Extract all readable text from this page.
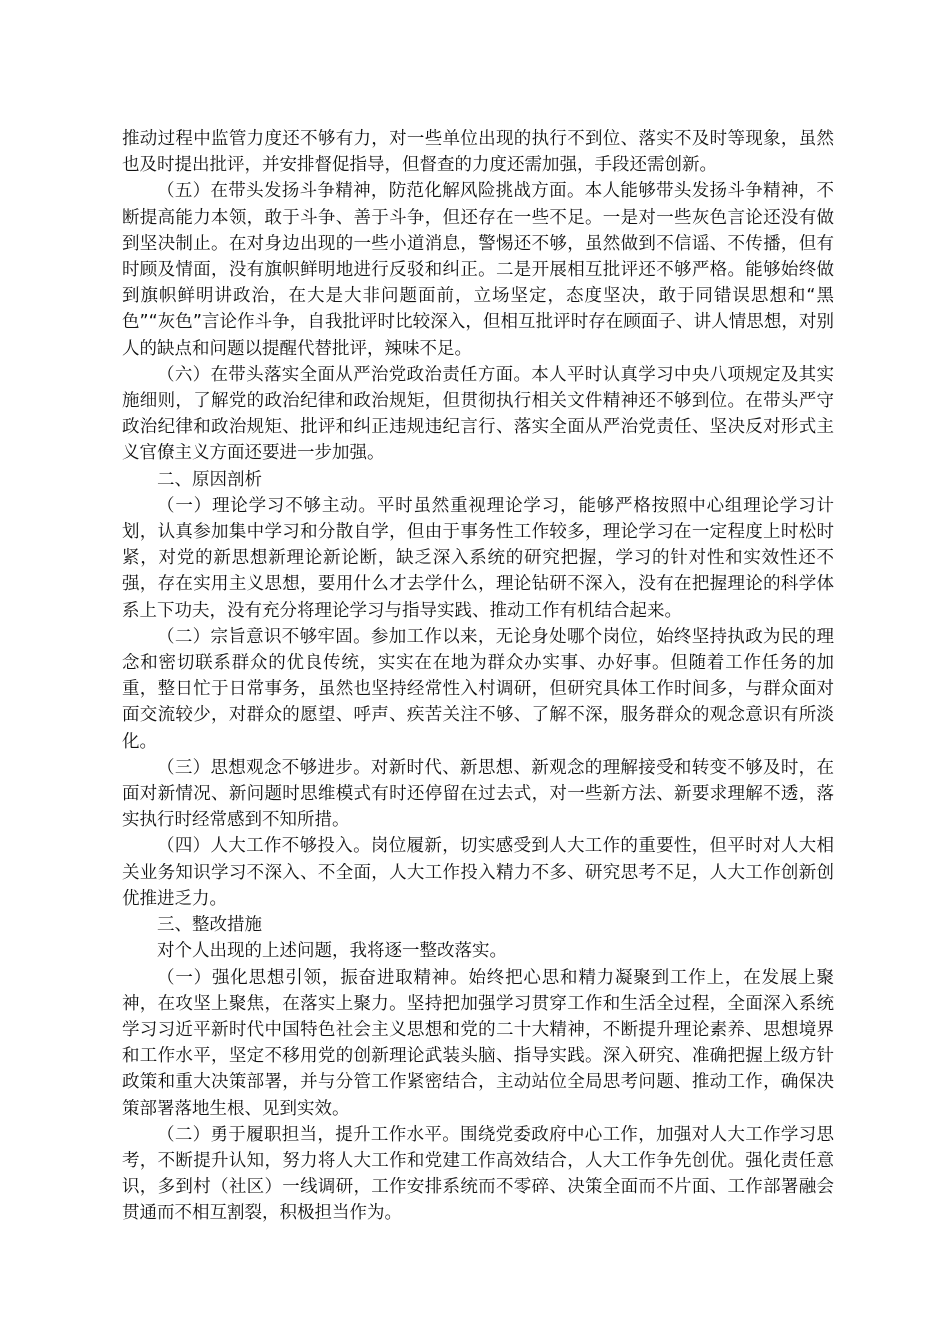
推动过程中监管力度还不够有力，对一些单位出现的执行不到位、落实不及时等现象，虽然也及时提出批评，并安排督促指导，但督查的力度还需加强，手段还需创新。

（五）在带头发扬斗争精神，防范化解风险挑战方面。本人能够带头发扬斗争精神，不断提高能力本领，敢于斗争、善于斗争，但还存在一些不足。一是对一些灰色言论还没有做到坚决制止。在对身边出现的一些小道消息，警惕还不够，虽然做到不信谣、不传播，但有时顾及情面，没有旗帜鲜明地进行反驳和纠正。二是开展相互批评还不够严格。能够始终做到旗帜鲜明讲政治，在大是大非问题面前，立场坚定，态度坚决，敢于同错误思想和“黑色”“灰色”言论作斗争，自我批评时比较深入，但相互批评时存在顾面子、讲人情思想，对别人的缺点和问题以提醒代替批评，辣味不足。

（六）在带头落实全面从严治党政治责任方面。本人平时认真学习中央八项规定及其实施细则，了解党的政治纪律和政治规矩，但贯彻执行相关文件精神还不够到位。在带头严守政治纪律和政治规矩、批评和纠正违规违纪言行、落实全面从严治党责任、坚决反对形式主义官僚主义方面还要进一步加强。

二、原因剖析

（一）理论学习不够主动。平时虽然重视理论学习，能够严格按照中心组理论学习计划，认真参加集中学习和分散自学，但由于事务性工作较多，理论学习在一定程度上时松时紧，对党的新思想新理论新论断，缺乏深入系统的研究把握，学习的针对性和实效性还不强，存在实用主义思想，要用什么才去学什么，理论钻研不深入，没有在把握理论的科学体系上下功夫，没有充分将理论学习与指导实践、推动工作有机结合起来。

（二）宗旨意识不够牢固。参加工作以来，无论身处哪个岗位，始终坚持执政为民的理念和密切联系群众的优良传统，实实在在地为群众办实事、办好事。但随着工作任务的加重，整日忙于日常事务，虽然也坚持经常性入村调研，但研究具体工作时间多，与群众面对面交流较少，对群众的愿望、呼声、疾苦关注不够、了解不深，服务群众的观念意识有所淡化。

（三）思想观念不够进步。对新时代、新思想、新观念的理解接受和转变不够及时，在面对新情况、新问题时思维模式有时还停留在过去式，对一些新方法、新要求理解不透，落实执行时经常感到不知所措。

（四）人大工作不够投入。岗位履新，切实感受到人大工作的重要性，但平时对人大相关业务知识学习不深入、不全面，人大工作投入精力不多、研究思考不足，人大工作创新创优推进乏力。

三、整改措施

对个人出现的上述问题，我将逐一整改落实。

（一）强化思想引领，振奋进取精神。始终把心思和精力凝聚到工作上，在发展上聚神，在攻坚上聚焦，在落实上聚力。坚持把加强学习贯穿工作和生活全过程，全面深入系统学习习近平新时代中国特色社会主义思想和党的二十大精神，不断提升理论素养、思想境界和工作水平，坚定不移用党的创新理论武装头脑、指导实践。深入研究、准确把握上级方针政策和重大决策部署，并与分管工作紧密结合，主动站位全局思考问题、推动工作，确保决策部署落地生根、见到实效。

（二）勇于履职担当，提升工作水平。围绕党委政府中心工作，加强对人大工作学习思考，不断提升认知，努力将人大工作和党建工作高效结合，人大工作争先创优。强化责任意识，多到村（社区）一线调研，工作安排系统而不零碎、决策全面而不片面、工作部署融会贯通而不相互割裂，积极担当作为。
